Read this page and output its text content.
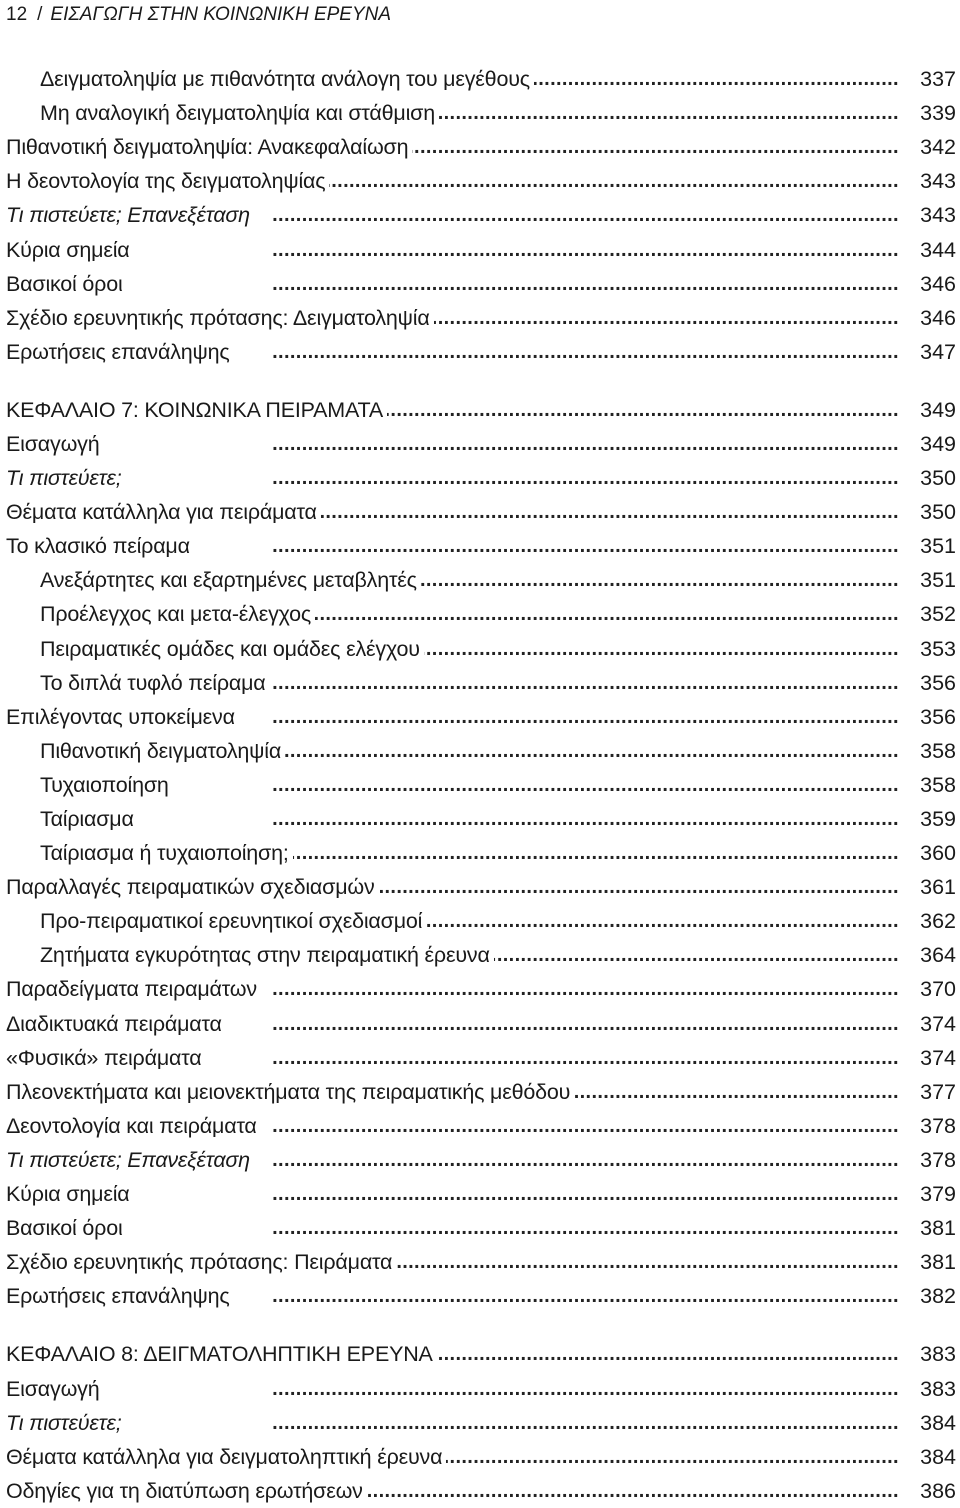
12 / ΕΙΣΑΓΩΓΗ ΣΤΗΝ ΚΟΙΝΩΝΙΚΗ ΕΡΕΥΝΑ
Δειγματοληψία με πιθανότητα ανάλογη του μεγέθους . . .	337
Μη αναλογική δειγματοληψία και στάθμιση . . .	339
Πιθανοτική δειγματοληψία: Ανακεφαλαίωση . . .	342
Η δεοντολογία της δειγματοληψίας . . .	343
Τι πιστεύετε; Επανεξέταση . . .	343
Κύρια σημεία . . .	344
Βασικοί όροι . . .	346
Σχέδιο ερευνητικής πρότασης: Δειγματοληψία . . .	346
Ερωτήσεις επανάληψης . . .	347
ΚΕΦΑΛΑΙΟ 7: ΚΟΙΝΩΝΙΚΑ ΠΕΙΡΑΜΑΤΑ . . .	349
Εισαγωγή . . .	349
Τι πιστεύετε; . . .	350
Θέματα κατάλληλα για πειράματα . . .	350
Το κλασικό πείραμα . . .	351
Ανεξάρτητες και εξαρτημένες μεταβλητές . . .	351
Προέλεγχος και μετα-έλεγχος . . .	352
Πειραματικές ομάδες και ομάδες ελέγχου . . .	353
Το διπλά τυφλό πείραμα . . .	356
Επιλέγοντας υποκείμενα . . .	356
Πιθανοτική δειγματοληψία . . .	358
Τυχαιοποίηση . . .	358
Ταίριασμα . . .	359
Ταίριασμα ή τυχαιοποίηση; . . .	360
Παραλλαγές πειραματικών σχεδιασμών . . .	361
Προ-πειραματικοί ερευνητικοί σχεδιασμοί . . .	362
Ζητήματα εγκυρότητας στην πειραματική έρευνα . . .	364
Παραδείγματα πειραμάτων . . .	370
Διαδικτυακά πειράματα . . .	374
«Φυσικά» πειράματα . . .	374
Πλεονεκτήματα και μειονεκτήματα της πειραματικής μεθόδου . . .	377
Δεοντολογία και πειράματα . . .	378
Τι πιστεύετε; Επανεξέταση . . .	378
Κύρια σημεία . . .	379
Βασικοί όροι . . .	381
Σχέδιο ερευνητικής πρότασης: Πειράματα . . .	381
Ερωτήσεις επανάληψης . . .	382
ΚΕΦΑΛΑΙΟ 8: ΔΕΙΓΜΑΤΟΛΗΠΤΙΚΗ ΕΡΕΥΝΑ . . .	383
Εισαγωγή . . .	383
Τι πιστεύετε; . . .	384
Θέματα κατάλληλα για δειγματοληπτική έρευνα . . .	384
Οδηγίες για τη διατύπωση ερωτήσεων . . .	386
